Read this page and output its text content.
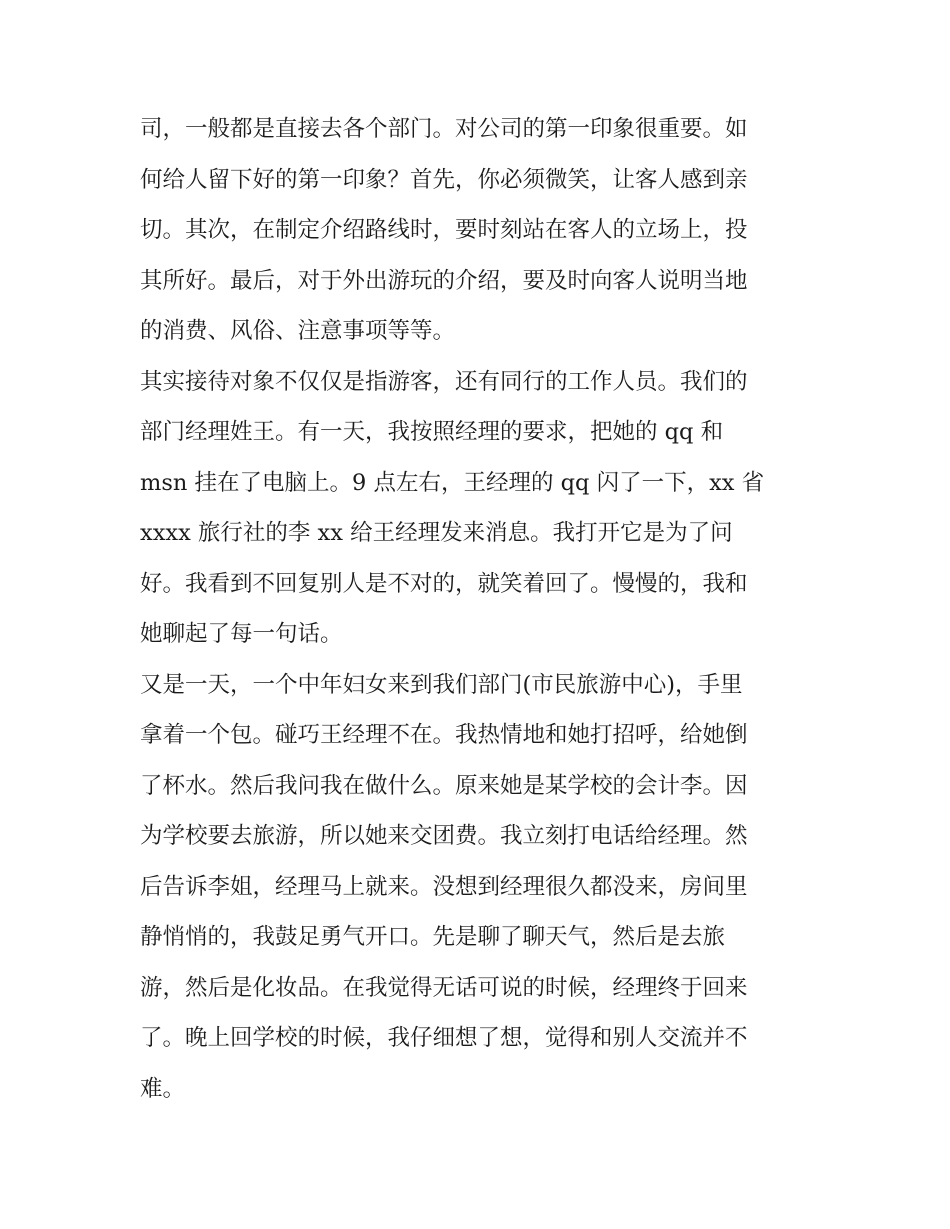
司，一般都是直接去各个部门。对公司的第一印象很重要。如
何给人留下好的第一印象？首先，你必须微笑，让客人感到亲
切。其次，在制定介绍路线时，要时刻站在客人的立场上，投
其所好。最后，对于外出游玩的介绍，要及时向客人说明当地
的消费、风俗、注意事项等等。
其实接待对象不仅仅是指游客，还有同行的工作人员。我们的
部门经理姓王。有一天，我按照经理的要求，把她的 qq 和
msn 挂在了电脑上。9 点左右，王经理的 qq 闪了一下，xx 省
xxxx 旅行社的李 xx 给王经理发来消息。我打开它是为了问
好。我看到不回复别人是不对的，就笑着回了。慢慢的，我和
她聊起了每一句话。
又是一天，一个中年妇女来到我们部门(市民旅游中心)，手里
拿着一个包。碰巧王经理不在。我热情地和她打招呼，给她倒
了杯水。然后我问我在做什么。原来她是某学校的会计李。因
为学校要去旅游，所以她来交团费。我立刻打电话给经理。然
后告诉李姐，经理马上就来。没想到经理很久都没来，房间里
静悄悄的，我鼓足勇气开口。先是聊了聊天气，然后是去旅
游，然后是化妆品。在我觉得无话可说的时候，经理终于回来
了。晚上回学校的时候，我仔细想了想，觉得和别人交流并不
难。
